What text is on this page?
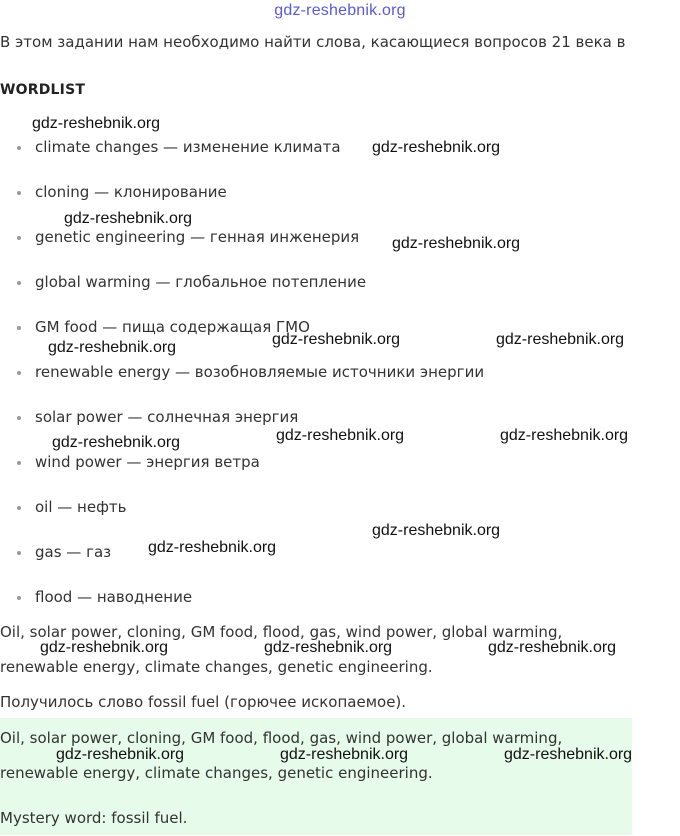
gdz-reshebnik.org
В этом задании нам необходимо найти слова, касающиеся вопросов 21 века в
WORDLIST
climate changes — изменение климата
cloning — клонирование
genetic engineering — генная инженерия
global warming — глобальное потепление
GM food — пища содержащая ГМО
renewable energy — возобновляемые источники энергии
solar power — солнечная энергия
wind power — энергия ветра
oil — нефть
gas — газ
flood — наводнение
Oil, solar power, cloning, GM food, flood, gas, wind power, global warming,
renewable energy, climate changes, genetic engineering.
Получилось слово fossil fuel (горючее ископаемое).
Oil, solar power, cloning, GM food, flood, gas, wind power, global warming,
renewable energy, climate changes, genetic engineering.
Mystery word: fossil fuel.
gdz-reshebnik.org
gdz-reshebnik.org
gdz-reshebnik.org
gdz-reshebnik.org
gdz-reshebnik.org	gdz-reshebnik.org
gdz-reshebnik.org
gdz-reshebnik.org	gdz-reshebnik.org
gdz-reshebnik.org
gdz-reshebnik.org
gdz-reshebnik.org
gdz-reshebnik.org	gdz-reshebnik.org	gdz-reshebnik.org
gdz-reshebnik.org	gdz-reshebnik.org	gdz-reshebnik.org
